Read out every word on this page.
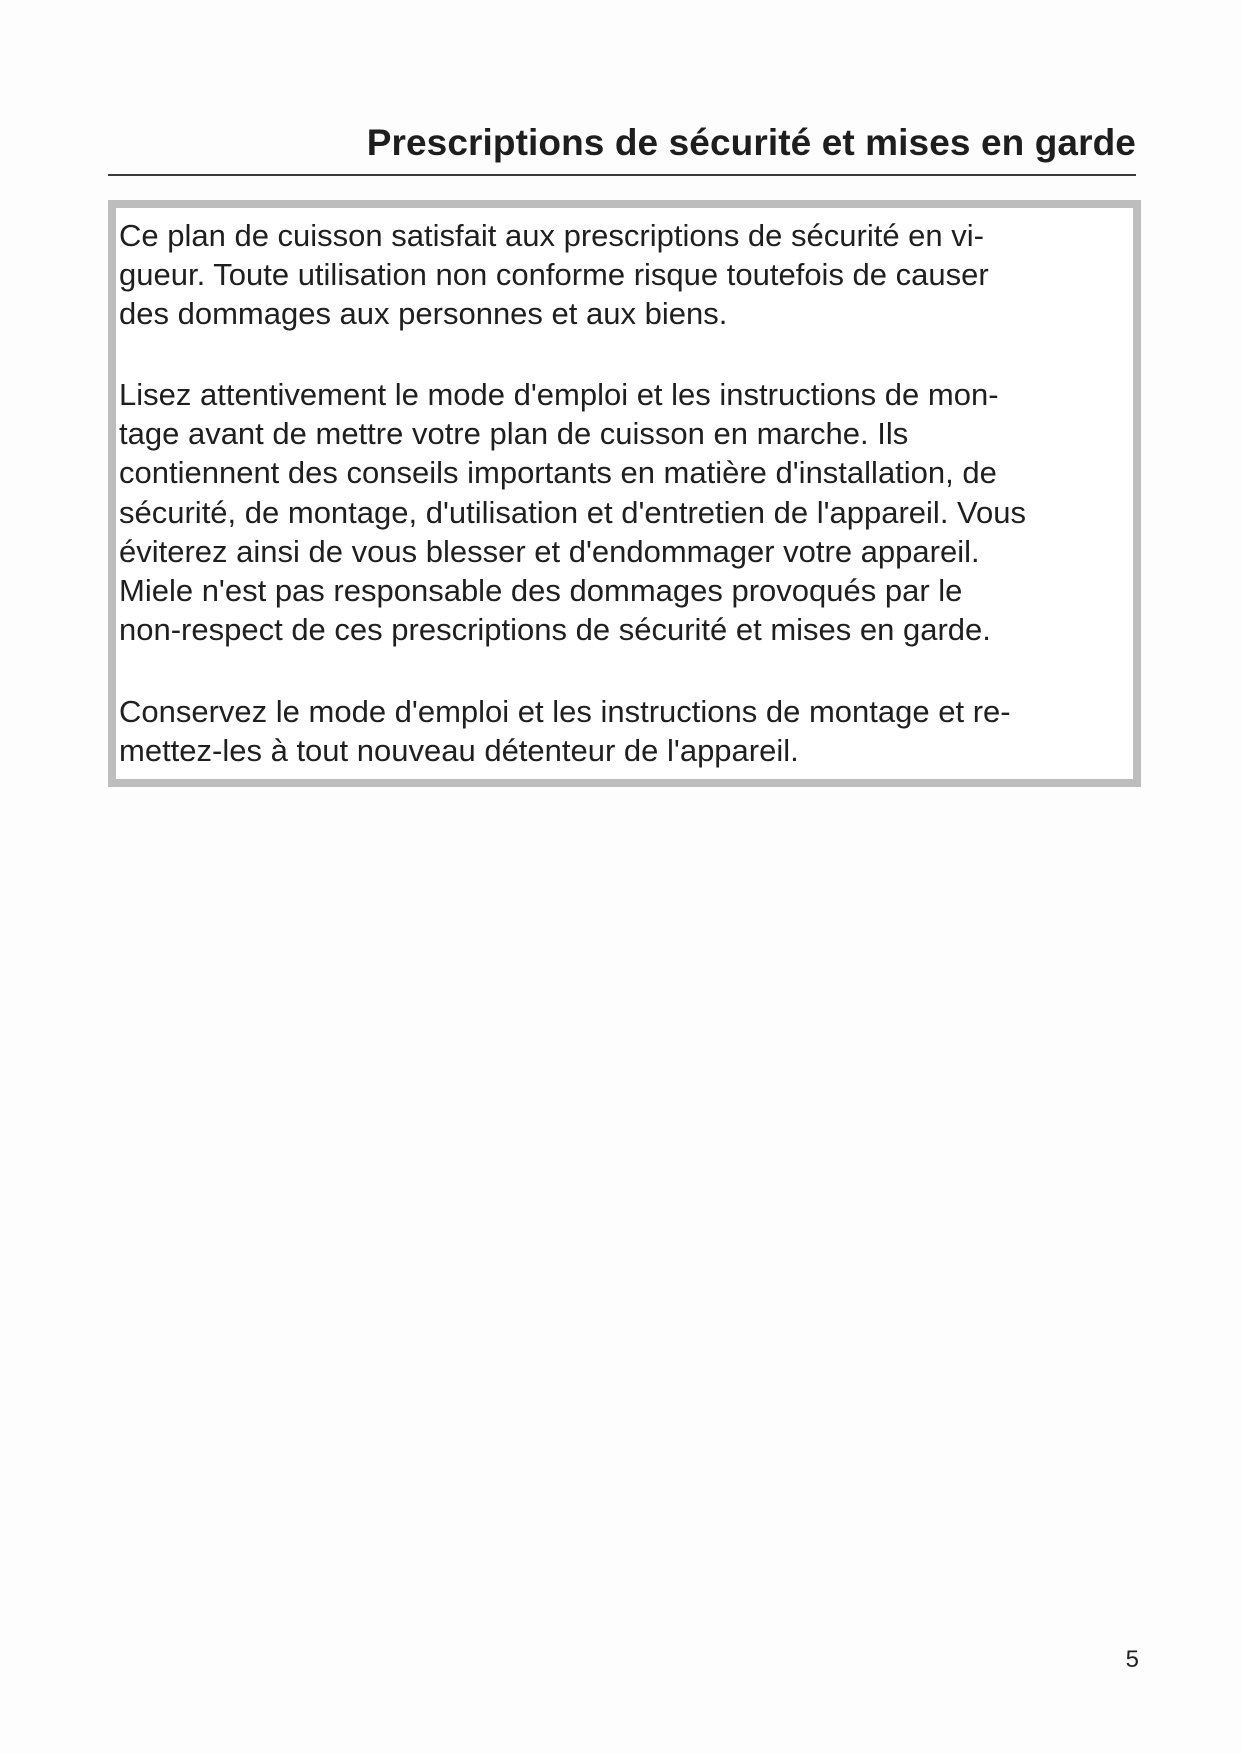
Prescriptions de sécurité et mises en garde

Ce plan de cuisson satisfait aux prescriptions de sécurité en vi-
gueur. Toute utilisation non conforme risque toutefois de causer
des dommages aux personnes et aux biens.

Lisez attentivement le mode d'emploi et les instructions de mon-
tage avant de mettre votre plan de cuisson en marche. Ils
contiennent des conseils importants en matière d'installation, de
sécurité, de montage, d'utilisation et d'entretien de l'appareil. Vous
éviterez ainsi de vous blesser et d'endommager votre appareil.
Miele n'est pas responsable des dommages provoqués par le
non-respect de ces prescriptions de sécurité et mises en garde.

Conservez le mode d'emploi et les instructions de montage et re-
mettez-les à tout nouveau détenteur de l'appareil.

5
